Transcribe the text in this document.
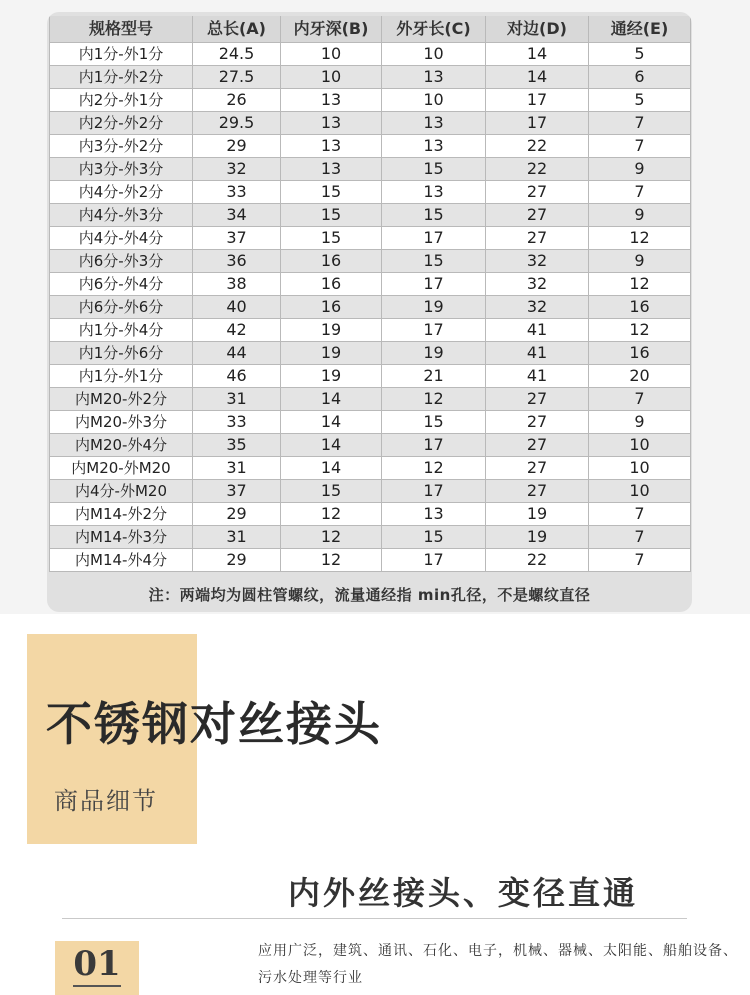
规格型号	总长(A)	内牙深(B)	外牙长(C)	对边(D)	通经(E)
内1分-外1分	24.5	10	10	14	5
内1分-外2分	27.5	10	13	14	6
内2分-外1分	26	13	10	17	5
内2分-外2分	29.5	13	13	17	7
内3分-外2分	29	13	13	22	7
内3分-外3分	32	13	15	22	9
内4分-外2分	33	15	13	27	7
内4分-外3分	34	15	15	27	9
内4分-外4分	37	15	17	27	12
内6分-外3分	36	16	15	32	9
内6分-外4分	38	16	17	32	12
内6分-外6分	40	16	19	32	16
内1分-外4分	42	19	17	41	12
内1分-外6分	44	19	19	41	16
内1分-外1分	46	19	21	41	20
内M20-外2分	31	14	12	27	7
内M20-外3分	33	14	15	27	9
内M20-外4分	35	14	17	27	10
内M20-外M20	31	14	12	27	10
内4分-外M20	37	15	17	27	10
内M14-外2分	29	12	13	19	7
内M14-外3分	31	12	15	19	7
内M14-外4分	29	12	17	22	7
注：两端均为圆柱管螺纹，流量通经指 min孔径，不是螺纹直径
不锈钢对丝接头

商品细节

内外丝接头、变径直通
01	应用广泛，建筑、通讯、石化、电子，机械、器械、太阳能、船舶设备、污水处理等行业
